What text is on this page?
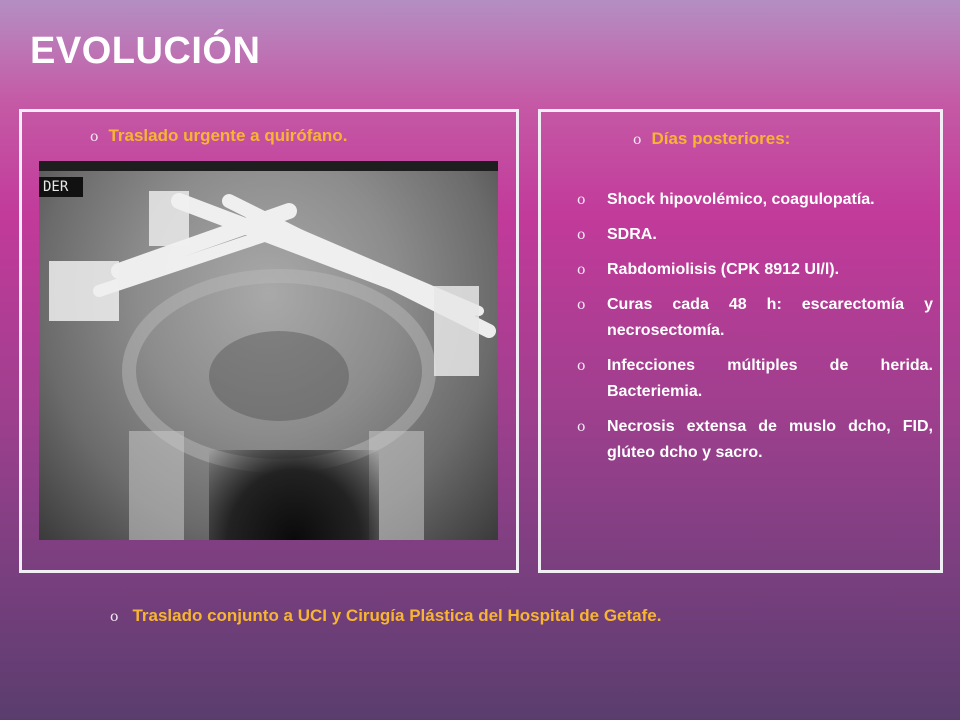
EVOLUCIÓN
o Traslado urgente a quirófano.
DER
o Días posteriores:
o Shock hipovolémico, coagulopatía.
o SDRA.
o Rabdomiolisis (CPK 8912 UI/l).
o Curas cada 48 h: escarectomía y necrosectomía.
o Infecciones múltiples de herida. Bacteriemia.
o Necrosis extensa de muslo dcho, FID, glúteo dcho y sacro.
o Traslado conjunto a UCI y Cirugía Plástica del Hospital de Getafe.
